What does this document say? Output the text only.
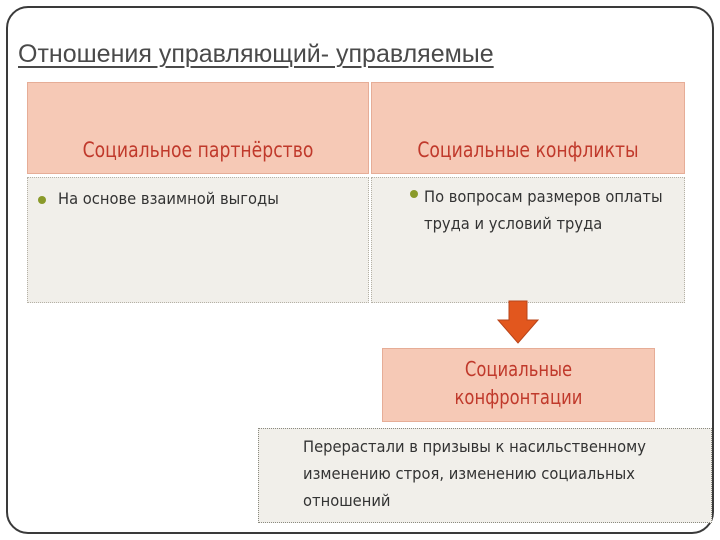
Отношения управляющий- управляемые
Социальное партнёрство	Социальные конфликты
На основе взаимной выгоды	По вопросам размеров оплаты труда и условий труда
Социальные
конфронтации
Перерастали в призывы к насильственному изменению строя, изменению социальных отношений
